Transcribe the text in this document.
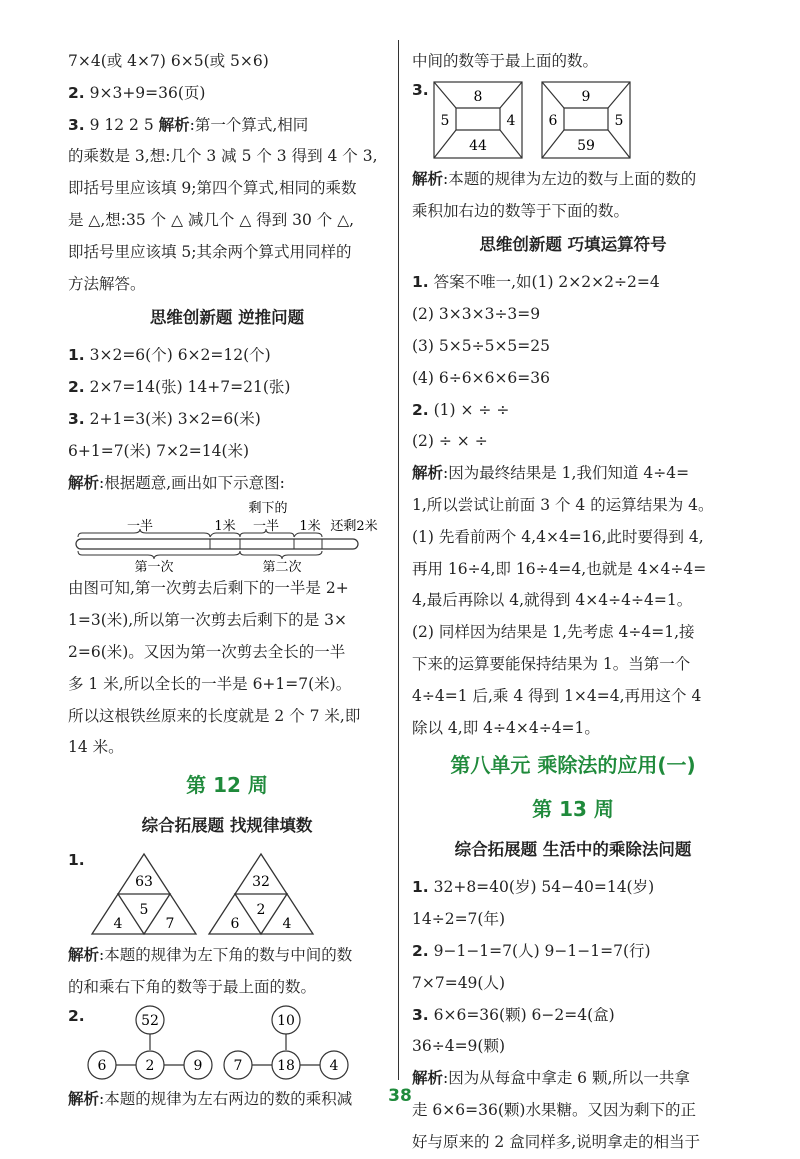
7×4(或 4×7) 6×5(或 5×6)
2. 9×3+9=36(页)
3. 9 12 2 5 解析:第一个算式,相同
的乘数是 3,想:几个 3 减 5 个 3 得到 4 个 3,
即括号里应该填 9;第四个算式,相同的乘数
是 △,想:35 个 △ 减几个 △ 得到 30 个 △,
即括号里应该填 5;其余两个算式用同样的
方法解答。
思维创新题 逆推问题
1. 3×2=6(个) 6×2=12(个)
2. 2×7=14(张) 14+7=21(张)
3. 2+1=3(米) 3×2=6(米)
6+1=7(米) 7×2=14(米)
解析:根据题意,画出如下示意图:
剩下的
一半	1米 一半 1米 还剩2米
第一次	第二次
由图可知,第一次剪去后剩下的一半是 2+
1=3(米),所以第一次剪去后剩下的是 3×
2=6(米)。又因为第一次剪去全长的一半
多 1 米,所以全长的一半是 6+1=7(米)。
所以这根铁丝原来的长度就是 2 个 7 米,即
14 米。
第 12 周
综合拓展题 找规律填数
1.
63
5
4	7
32
2
6	4
解析:本题的规律为左下角的数与中间的数
的和乘右下角的数等于最上面的数。
2.	52
6	2	9
10
7 18 4
解析:本题的规律为左右两边的数的乘积减
中间的数等于最上面的数。
3.	8
5	4
44
9
6	5
59
解析:本题的规律为左边的数与上面的数的
乘积加右边的数等于下面的数。
思维创新题 巧填运算符号
1. 答案不唯一,如(1) 2×2×2÷2=4
(2) 3×3×3÷3=9
(3) 5×5÷5×5=25
(4) 6÷6×6×6=36
2. (1) × ÷ ÷
(2) ÷ × ÷
解析:因为最终结果是 1,我们知道 4÷4=
1,所以尝试让前面 3 个 4 的运算结果为 4。
(1) 先看前两个 4,4×4=16,此时要得到 4,
再用 16÷4,即 16÷4=4,也就是 4×4÷4=
4,最后再除以 4,就得到 4×4÷4÷4=1。
(2) 同样因为结果是 1,先考虑 4÷4=1,接
下来的运算要能保持结果为 1。当第一个
4÷4=1 后,乘 4 得到 1×4=4,再用这个 4
除以 4,即 4÷4×4÷4=1。
第八单元 乘除法的应用(一)
第 13 周
综合拓展题 生活中的乘除法问题
1. 32+8=40(岁) 54−40=14(岁)
14÷2=7(年)
2. 9−1−1=7(人) 9−1−1=7(行)
7×7=49(人)
3. 6×6=36(颗) 6−2=4(盒)
36÷4=9(颗)
解析:因为从每盒中拿走 6 颗,所以一共拿
走 6×6=36(颗)水果糖。又因为剩下的正
好与原来的 2 盒同样多,说明拿走的相当于
38
